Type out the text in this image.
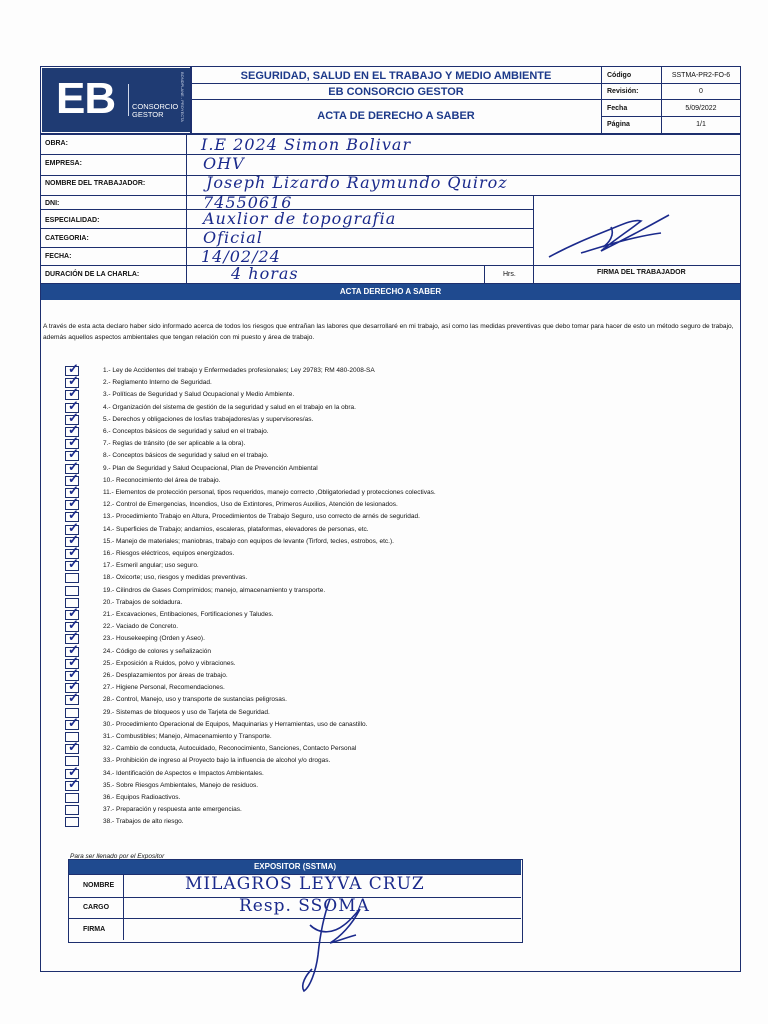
EB CONSORCIO
GESTOR	BONDPLANE - PROYECTA	SEGURIDAD, SALUD EN EL TRABAJO Y MEDIO AMBIENTE
EB CONSORCIO GESTOR
ACTA DE DERECHO A SABER
Código	SSTMA-PR2-FO-6
Revisión:	0
Fecha	5/09/2022
Página	1/1
OBRA:	I.E 2024 Simon Bolivar
EMPRESA:	OHV
NOMBRE DEL TRABAJADOR:	Joseph Lizardo Raymundo Quiroz
DNI:	74550616
ESPECIALIDAD:	Auxlior de topografia
CATEGORIA:	Oficial
FECHA:	14/02/24
DURACIÓN DE LA CHARLA:	4 horas	Hrs.	FIRMA DEL TRABAJADOR
ACTA DERECHO A SABER
A través de esta acta declaro haber sido informado acerca de todos los riesgos que entrañan las labores que desarrollaré en mi trabajo, así como las medidas preventivas que debo tomar para hacer de esto un método seguro de trabajo, además aquellos aspectos ambientales que tengan relación con mi puesto y área de trabajo.
✓	1.- Ley de Accidentes del trabajo y Enfermedades profesionales; Ley 29783; RM 480-2008-SA
✓	2.- Reglamento Interno de Seguridad.
✓	3.- Políticas de Seguridad y Salud Ocupacional y Medio Ambiente.
✓	4.- Organización del sistema de gestión de la seguridad y salud en el trabajo en la obra.
✓	5.- Derechos y obligaciones de los/las trabajadores/as y supervisores/as.
✓	6.- Conceptos básicos de seguridad y salud en el trabajo.
✓	7.- Reglas de tránsito (de ser aplicable a la obra).
✓	8.- Conceptos básicos de seguridad y salud en el trabajo.
✓	9.- Plan de Seguridad y Salud Ocupacional, Plan de Prevención Ambiental
✓	10.- Reconocimiento del área de trabajo.
✓	11.- Elementos de protección personal, tipos requeridos, manejo correcto ,Obligatoriedad y protecciones colectivas.
✓	12.- Control de Emergencias, Incendios, Uso de Extintores, Primeros Auxilios, Atención de lesionados.
✓	13.- Procedimiento Trabajo en Altura, Procedimientos de Trabajo Seguro, uso correcto de arnés de seguridad.
✓	14.- Superficies de Trabajo; andamios, escaleras, plataformas, elevadores de personas, etc.
✓	15.- Manejo de materiales; maniobras, trabajo con equipos de levante (Tirford, tecles, estrobos, etc.).
✓	16.- Riesgos eléctricos, equipos energizados.
✓	17.- Esmeril angular; uso seguro.
18.- Oxicorte; uso, riesgos y medidas preventivas.
19.- Cilindros de Gases Comprimidos; manejo, almacenamiento y transporte.
20.- Trabajos de soldadura.
✓	21.- Excavaciones, Entibaciones, Fortificaciones y Taludes.
✓	22.- Vaciado de Concreto.
✓	23.- Housekeeping (Orden y Aseo).
✓	24.- Código de colores y señalización
✓	25.- Exposición a Ruidos, polvo y vibraciones.
✓	26.- Desplazamientos por áreas de trabajo.
✓	27.- Higiene Personal, Recomendaciones.
✓	28.- Control, Manejo, uso y transporte de sustancias peligrosas.
29.- Sistemas de bloqueos y uso de Tarjeta de Seguridad.
✓	30.- Procedimiento Operacional de Equipos, Maquinarias y Herramientas, uso de canastillo.
31.- Combustibles; Manejo, Almacenamiento y Transporte.
✓	32.- Cambio de conducta, Autocuidado, Reconocimiento, Sanciones, Contacto Personal
33.- Prohibición de ingreso al Proyecto bajo la influencia de alcohol y/o drogas.
✓	34.- Identificación de Aspectos e Impactos Ambientales.
✓	35.- Sobre Riesgos Ambientales, Manejo de residuos.
36.- Equipos Radioactivos.
37.- Preparación y respuesta ante emergencias.
38.- Trabajos de alto riesgo.
Para ser llenado por el Expositor
EXPOSITOR (SSTMA)
NOMBRE	MILAGROS LEYVA CRUZ
CARGO	Resp. SSOMA
FIRMA
